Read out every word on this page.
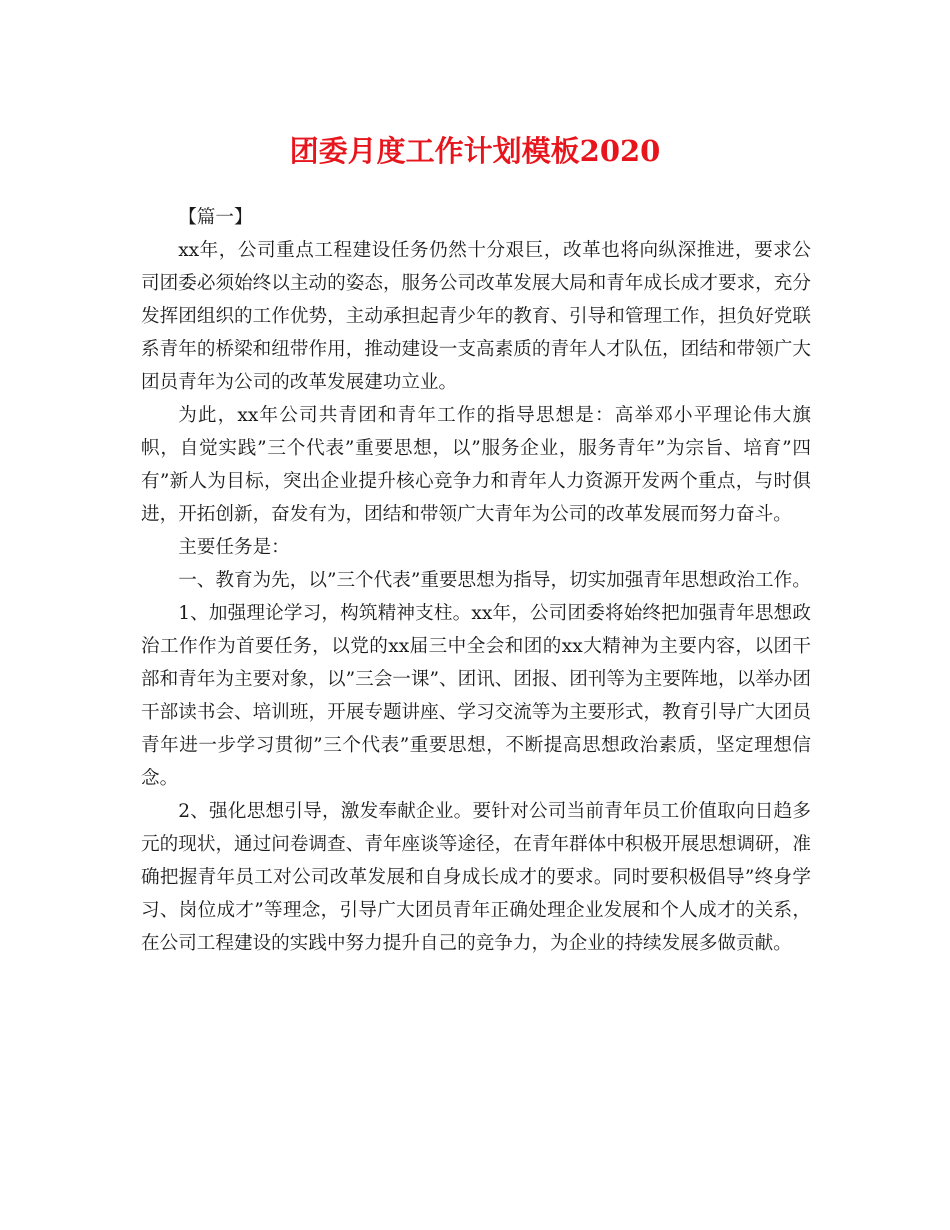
团委月度工作计划模板2020

【篇一】

xx年，公司重点工程建设任务仍然十分艰巨，改革也将向纵深推进，要求公司团委必须始终以主动的姿态，服务公司改革发展大局和青年成长成才要求，充分发挥团组织的工作优势，主动承担起青少年的教育、引导和管理工作，担负好党联系青年的桥梁和纽带作用，推动建设一支高素质的青年人才队伍，团结和带领广大团员青年为公司的改革发展建功立业。

为此，xx年公司共青团和青年工作的指导思想是：高举邓小平理论伟大旗帜，自觉实践”三个代表”重要思想，以”服务企业，服务青年”为宗旨、培育”四有”新人为目标，突出企业提升核心竞争力和青年人力资源开发两个重点，与时俱进，开拓创新，奋发有为，团结和带领广大青年为公司的改革发展而努力奋斗。

主要任务是：

一、教育为先，以”三个代表”重要思想为指导，切实加强青年思想政治工作。

1、加强理论学习，构筑精神支柱。xx年，公司团委将始终把加强青年思想政治工作作为首要任务，以党的xx届三中全会和团的xx大精神为主要内容，以团干部和青年为主要对象，以”三会一课”、团讯、团报、团刊等为主要阵地，以举办团干部读书会、培训班，开展专题讲座、学习交流等为主要形式，教育引导广大团员青年进一步学习贯彻”三个代表”重要思想，不断提高思想政治素质，坚定理想信念。

2、强化思想引导，激发奉献企业。要针对公司当前青年员工价值取向日趋多元的现状，通过问卷调查、青年座谈等途径，在青年群体中积极开展思想调研，准确把握青年员工对公司改革发展和自身成长成才的要求。同时要积极倡导”终身学习、岗位成才”等理念，引导广大团员青年正确处理企业发展和个人成才的关系，在公司工程建设的实践中努力提升自己的竞争力，为企业的持续发展多做贡献。
